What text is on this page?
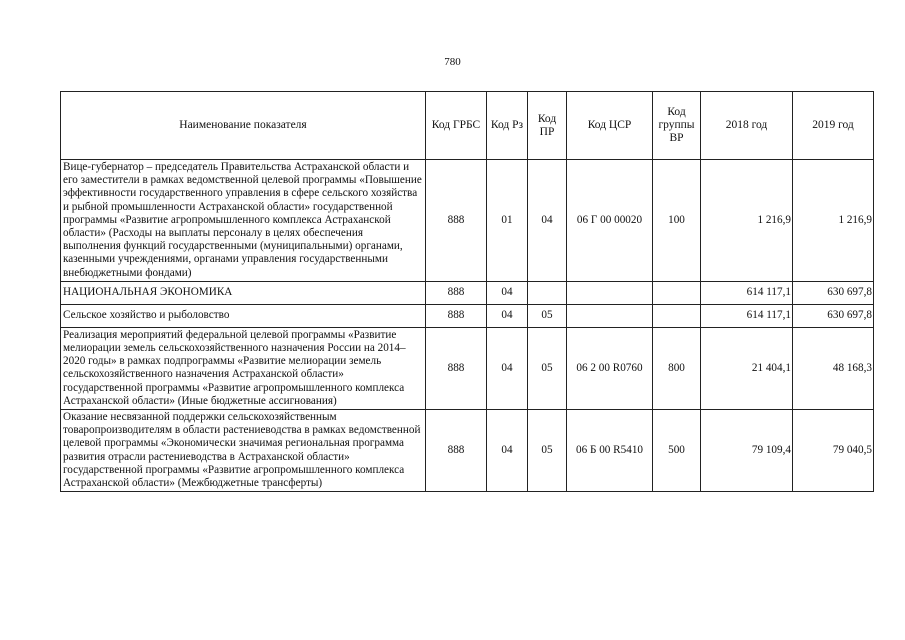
780
Наименование показателя	Код ГРБС	Код Рз	Код ПР	Код ЦСР	Код группы ВР	2018 год	2019 год
Вице-губернатор – председатель Правительства Астраханской области и его заместители в рамках ведомственной целевой программы «Повышение эффективности государственного управления в сфере сельского хозяйства и рыбной промышленности Астраханской области» государственной программы «Развитие агропромышленного комплекса Астраханской области» (Расходы на выплаты персоналу в целях обеспечения выполнения функций государственными (муниципальными) органами, казенными учреждениями, органами управления государственными внебюджетными фондами)	888	01	04	06 Г 00 00020	100	1 216,9	1 216,9
НАЦИОНАЛЬНАЯ ЭКОНОМИКА	888	04				614 117,1	630 697,8
Сельское хозяйство и рыболовство	888	04	05			614 117,1	630 697,8
Реализация мероприятий федеральной целевой программы «Развитие мелиорации земель сельскохозяйственного назначения России на 2014–2020 годы» в рамках подпрограммы «Развитие мелиорации земель сельскохозяйственного назначения Астраханской области» государственной программы «Развитие агропромышленного комплекса Астраханской области» (Иные бюджетные ассигнования)	888	04	05	06 2 00 R0760	800	21 404,1	48 168,3
Оказание несвязанной поддержки сельскохозяйственным товаропроизводителям в области растениеводства в рамках ведомственной целевой программы «Экономически значимая региональная программа развития отрасли растениеводства в Астраханской области» государственной программы «Развитие агропромышленного комплекса Астраханской области» (Межбюджетные трансферты)	888	04	05	06 Б 00 R5410	500	79 109,4	79 040,5
